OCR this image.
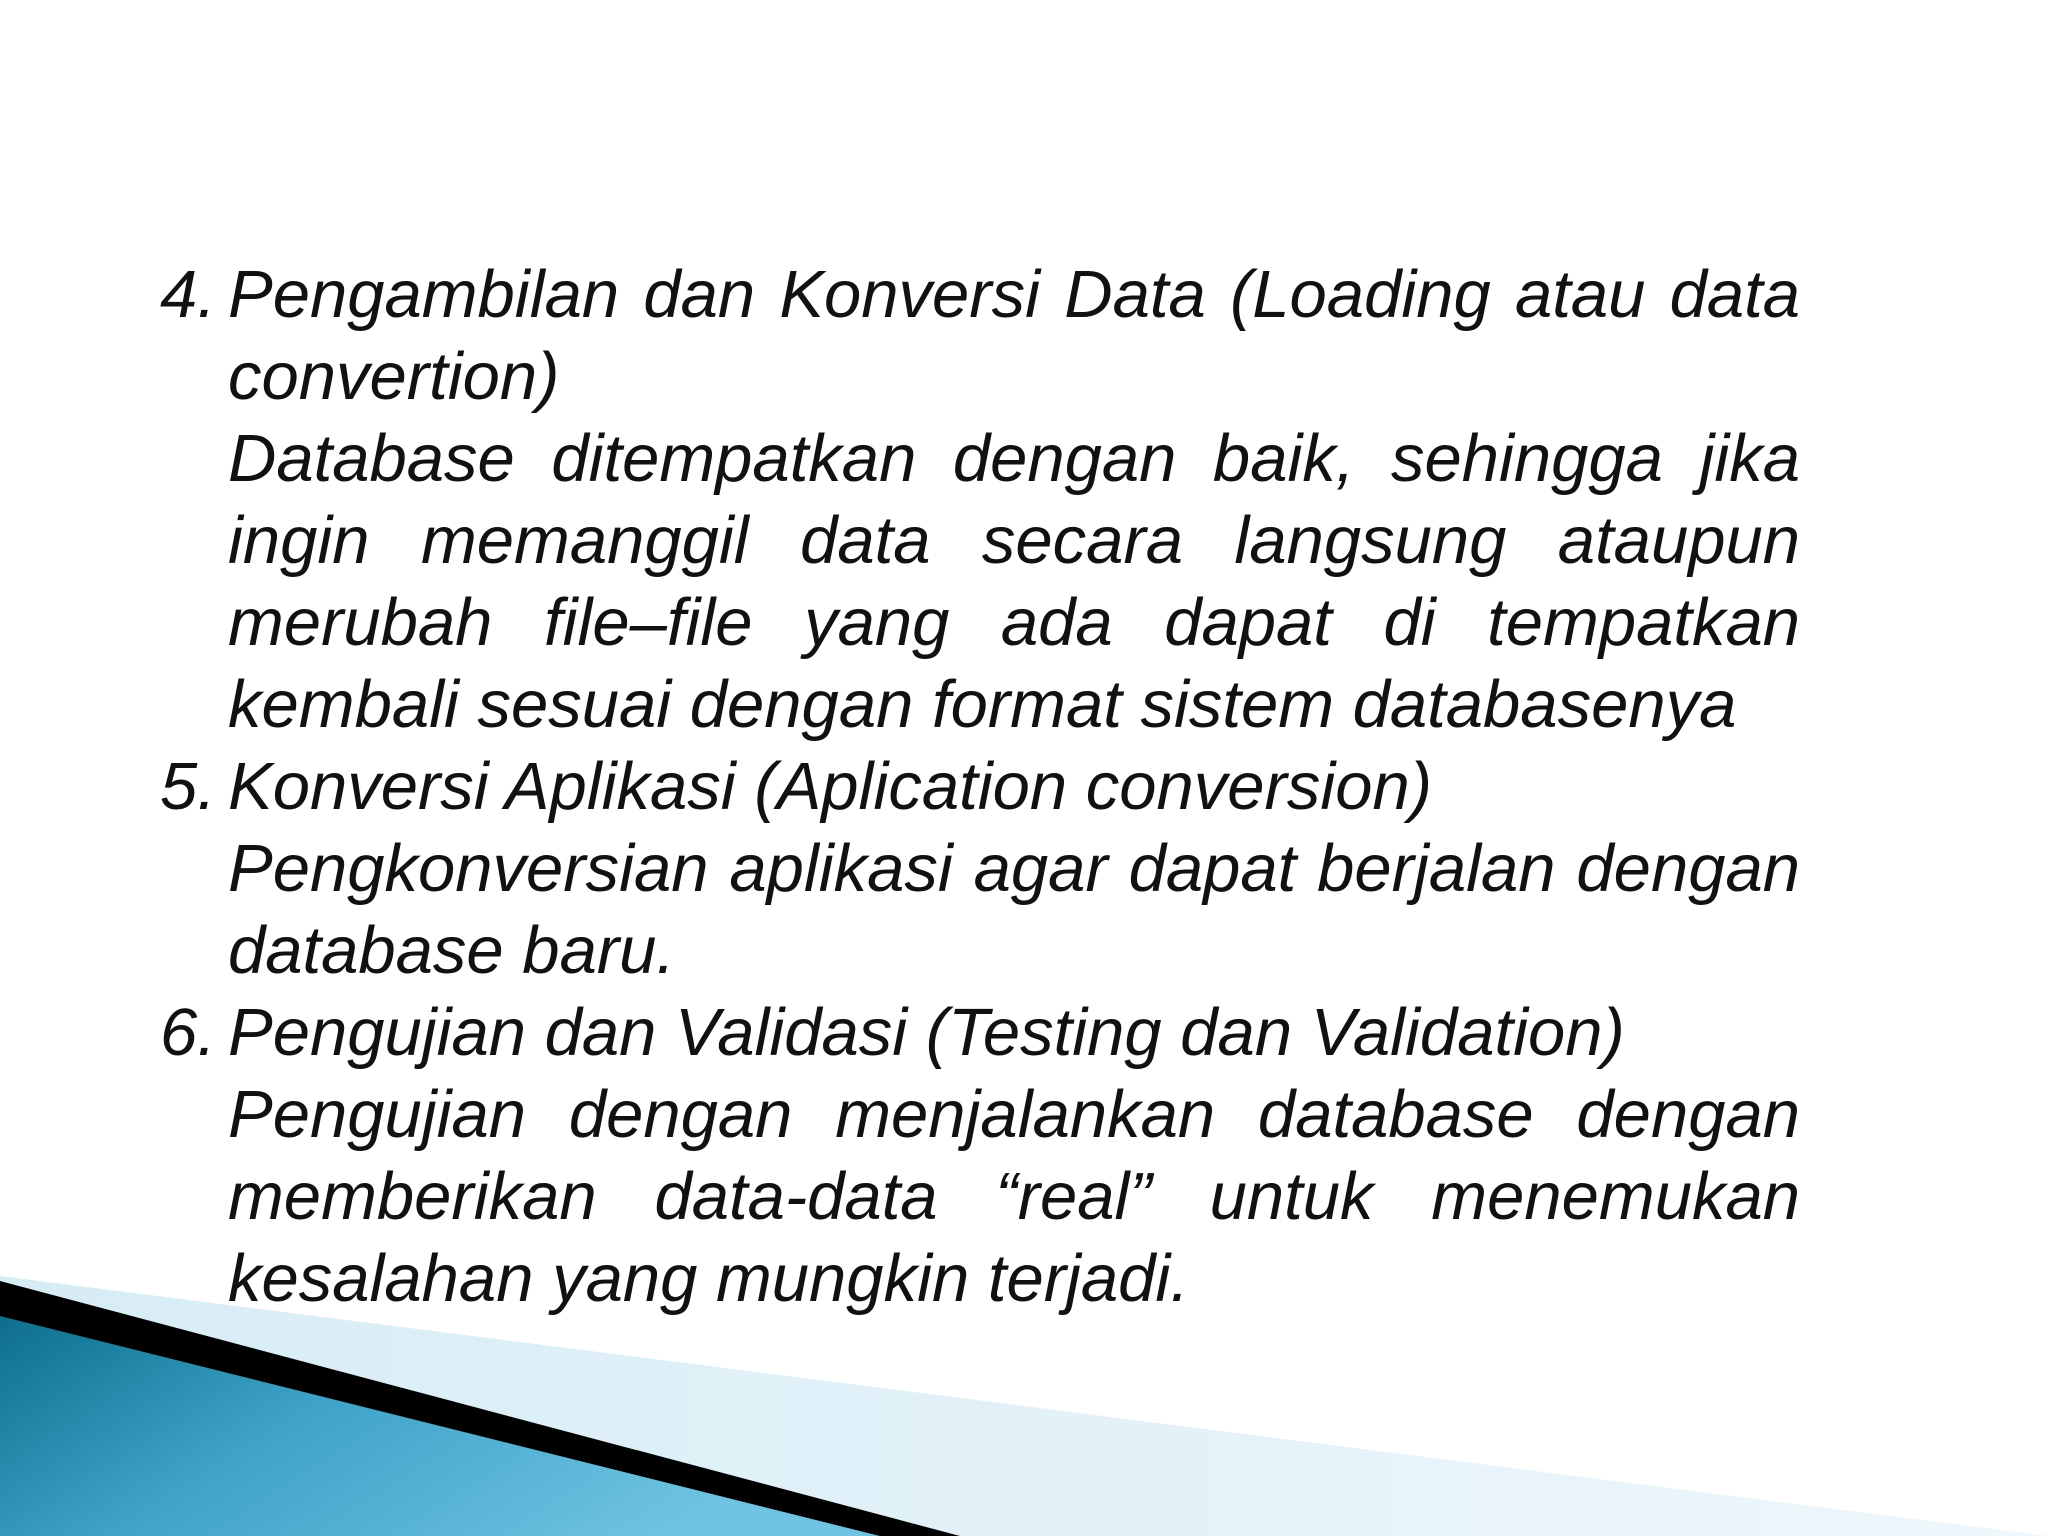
4. Pengambilan dan Konversi Data (Loading atau data convertion)
Database ditempatkan dengan baik, sehingga jika ingin memanggil data secara langsung ataupun merubah file–file yang ada dapat di tempatkan kembali sesuai dengan format sistem databasenya
5. Konversi Aplikasi (Aplication conversion)
Pengkonversian aplikasi agar dapat berjalan dengan database baru.
6. Pengujian dan Validasi (Testing dan Validation)
Pengujian dengan menjalankan database dengan memberikan data-data “real” untuk menemukan kesalahan yang mungkin terjadi.
